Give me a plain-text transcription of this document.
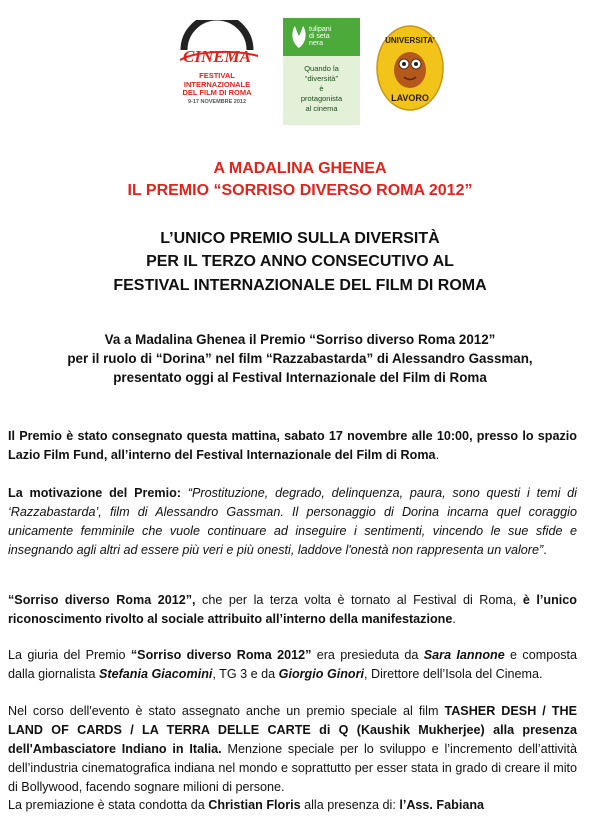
CINEMA
FESTIVAL
INTERNAZIONALE
DEL FILM DI ROMA
9-17 NOVEMBRE 2012
tulipani
di seta
nera
Quando la
“diversità”
è
protagonista
al cinema
UNIVERSITA'
LAVORO
A MADALINA GHENEA
IL PREMIO “SORRISO DIVERSO ROMA 2012”
L’UNICO PREMIO SULLA DIVERSITÀ
PER IL TERZO ANNO CONSECUTIVO AL
FESTIVAL INTERNAZIONALE DEL FILM DI ROMA
Va a Madalina Ghenea il Premio “Sorriso diverso Roma 2012”
per il ruolo di “Dorina” nel film “Razzabastarda” di Alessandro Gassman,
presentato oggi al Festival Internazionale del Film di Roma
Il Premio è stato consegnato questa mattina, sabato 17 novembre alle 10:00, presso lo spazio Lazio Film Fund, all’interno del Festival Internazionale del Film di Roma.
La motivazione del Premio: “Prostituzione, degrado, delinquenza, paura, sono questi i temi di ‘Razzabastarda’, film di Alessandro Gassman. Il personaggio di Dorina incarna quel coraggio unicamente femminile che vuole continuare ad inseguire i sentimenti, vincendo le sue sfide e insegnando agli altri ad essere più veri e più onesti, laddove l'onestà non rappresenta un valore”.
“Sorriso diverso Roma 2012”, che per la terza volta è tornato al Festival di Roma, è l’unico riconoscimento rivolto al sociale attribuito all’interno della manifestazione.
La giuria del Premio “Sorriso diverso Roma 2012” era presieduta da Sara Iannone e composta dalla giornalista Stefania Giacomini, TG 3 e da Giorgio Ginori, Direttore dell’Isola del Cinema.
Nel corso dell'evento è stato assegnato anche un premio speciale al film TASHER DESH / THE LAND OF CARDS / LA TERRA DELLE CARTE di Q (Kaushik Mukherjee) alla presenza dell'Ambasciatore Indiano in Italia. Menzione speciale per lo sviluppo e l’incremento dell’attività dell’industria cinematografica indiana nel mondo e soprattutto per esser stata in grado di creare il mito di Bollywood, facendo sognare milioni di persone.
La premiazione è stata condotta da Christian Floris alla presenza di: l’Ass. Fabiana
